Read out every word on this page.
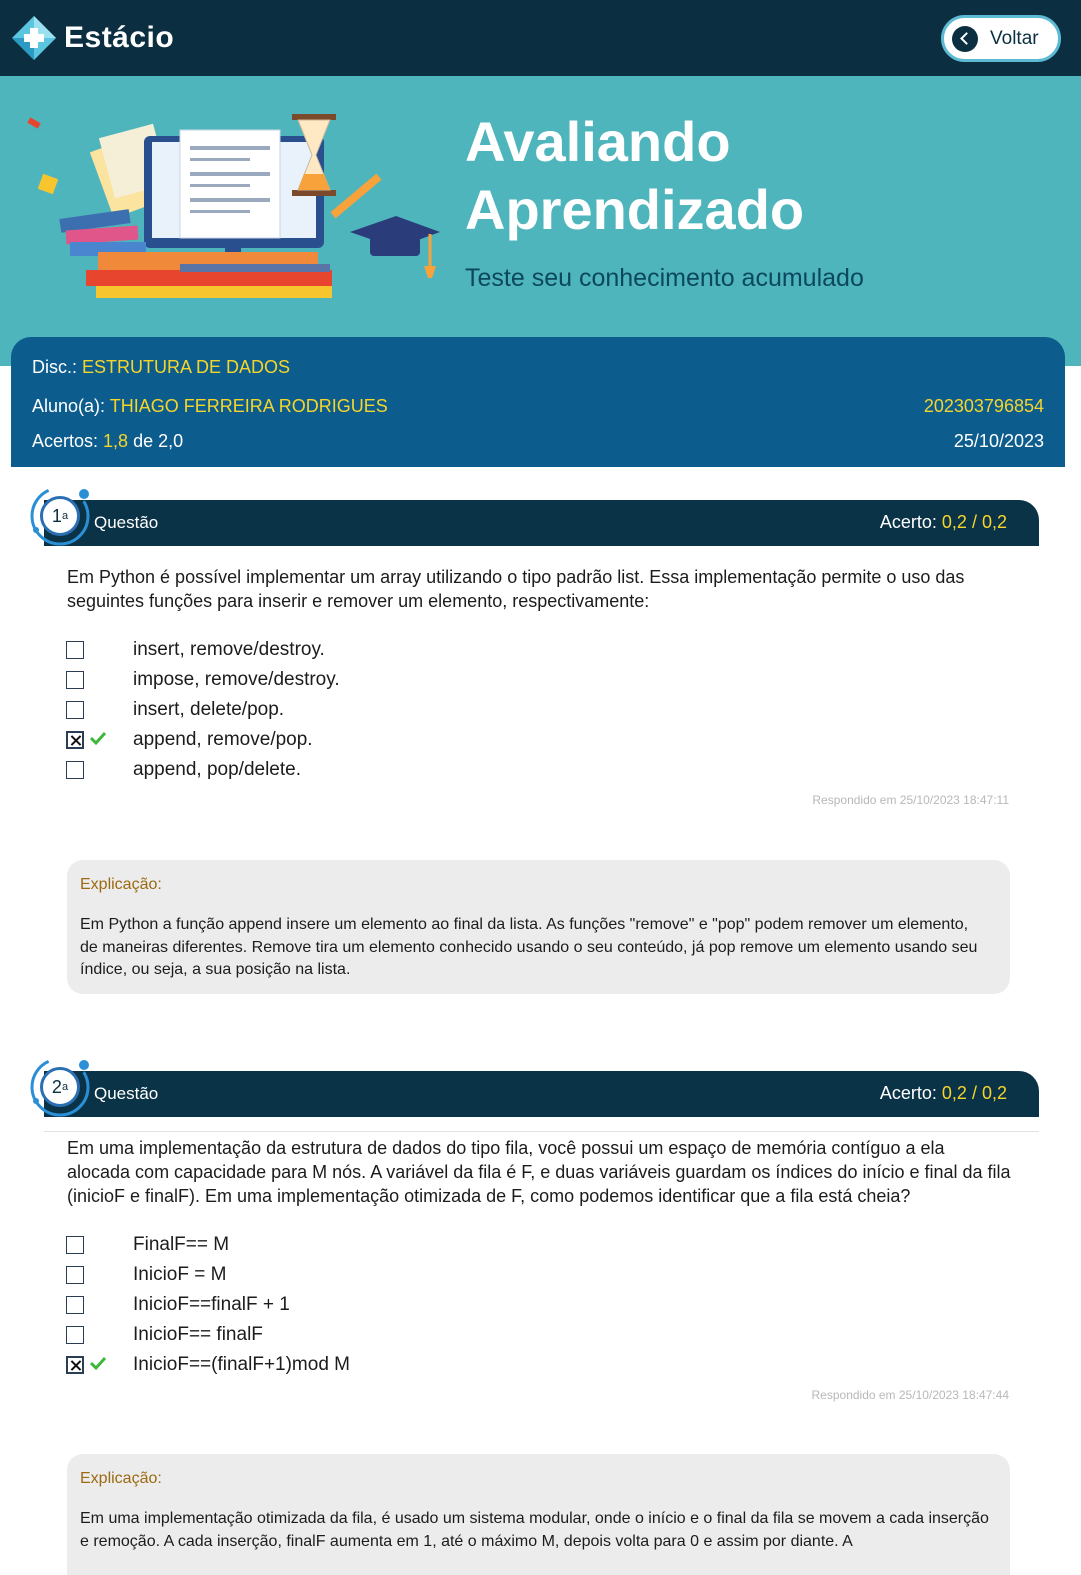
Estácio	Voltar
Avaliando Aprendizado
Teste seu conhecimento acumulado
Disc.: ESTRUTURA DE DADOS
Aluno(a): THIAGO FERREIRA RODRIGUES	202303796854
Acertos: 1,8 de 2,0	25/10/2023
1 a Questão	Acerto: 0,2 / 0,2
Em Python é possível implementar um array utilizando o tipo padrão list. Essa implementação permite o uso das seguintes funções para inserir e remover um elemento, respectivamente:
insert, remove/destroy.
impose, remove/destroy.
insert, delete/pop.
append, remove/pop.
append, pop/delete.
Respondido em 25/10/2023 18:47:11
Explicação:
Em Python a função append insere um elemento ao final da lista. As funções "remove" e "pop" podem remover um elemento, de maneiras diferentes. Remove tira um elemento conhecido usando o seu conteúdo, já pop remove um elemento usando seu índice, ou seja, a sua posição na lista.
2 a Questão	Acerto: 0,2 / 0,2
Em uma implementação da estrutura de dados do tipo fila, você possui um espaço de memória contíguo a ela alocada com capacidade para M nós. A variável da fila é F, e duas variáveis guardam os índices do início e final da fila (inicioF e finalF). Em uma implementação otimizada de F, como podemos identificar que a fila está cheia?
FinalF== M
InicioF = M
InicioF==finalF + 1
InicioF== finalF
InicioF==(finalF+1)mod M
Respondido em 25/10/2023 18:47:44
Explicação:
Em uma implementação otimizada da fila, é usado um sistema modular, onde o início e o final da fila se movem a cada inserção e remoção. A cada inserção, finalF aumenta em 1, até o máximo M, depois volta para 0 e assim por diante. A
